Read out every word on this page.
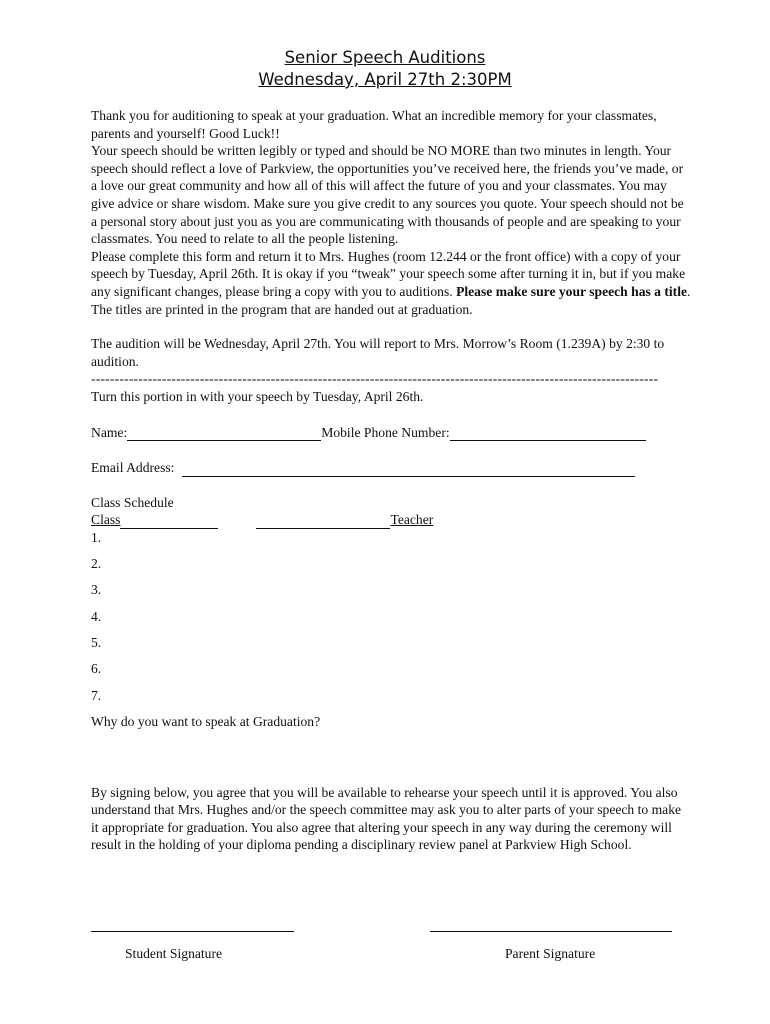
Senior Speech Auditions
Wednesday, April 27th 2:30PM

Thank you for auditioning to speak at your graduation. What an incredible memory for your classmates, parents and yourself! Good Luck!!

Your speech should be written legibly or typed and should be NO MORE than two minutes in length. Your speech should reflect a love of Parkview, the opportunities you’ve received here, the friends you’ve made, or a love our great community and how all of this will affect the future of you and your classmates. You may give advice or share wisdom. Make sure you give credit to any sources you quote. Your speech should not be a personal story about just you as you are communicating with thousands of people and are speaking to your classmates. You need to relate to all the people listening.

Please complete this form and return it to Mrs. Hughes (room 12.244 or the front office) with a copy of your speech by Tuesday, April 26th. It is okay if you “tweak” your speech some after turning it in, but if you make any significant changes, please bring a copy with you to auditions. Please make sure your speech has a title. The titles are printed in the program that are handed out at graduation.

The audition will be Wednesday, April 27th. You will report to Mrs. Morrow’s Room (1.239A) by 2:30 to audition.

------------------------------------------------------------------------------------------------------------------------

Turn this portion in with your speech by Tuesday, April 26th.

Name:	Mobile Phone Number:
Email Address:

Class Schedule

Class	Teacher
1.
2.
3.
4.
5.
6.
7.

Why do you want to speak at Graduation?

By signing below, you agree that you will be available to rehearse your speech until it is approved. You also understand that Mrs. Hughes and/or the speech committee may ask you to alter parts of your speech to make it appropriate for graduation. You also agree that altering your speech in any way during the ceremony will result in the holding of your diploma pending a disciplinary review panel at Parkview High School.

Student Signature	Parent Signature
